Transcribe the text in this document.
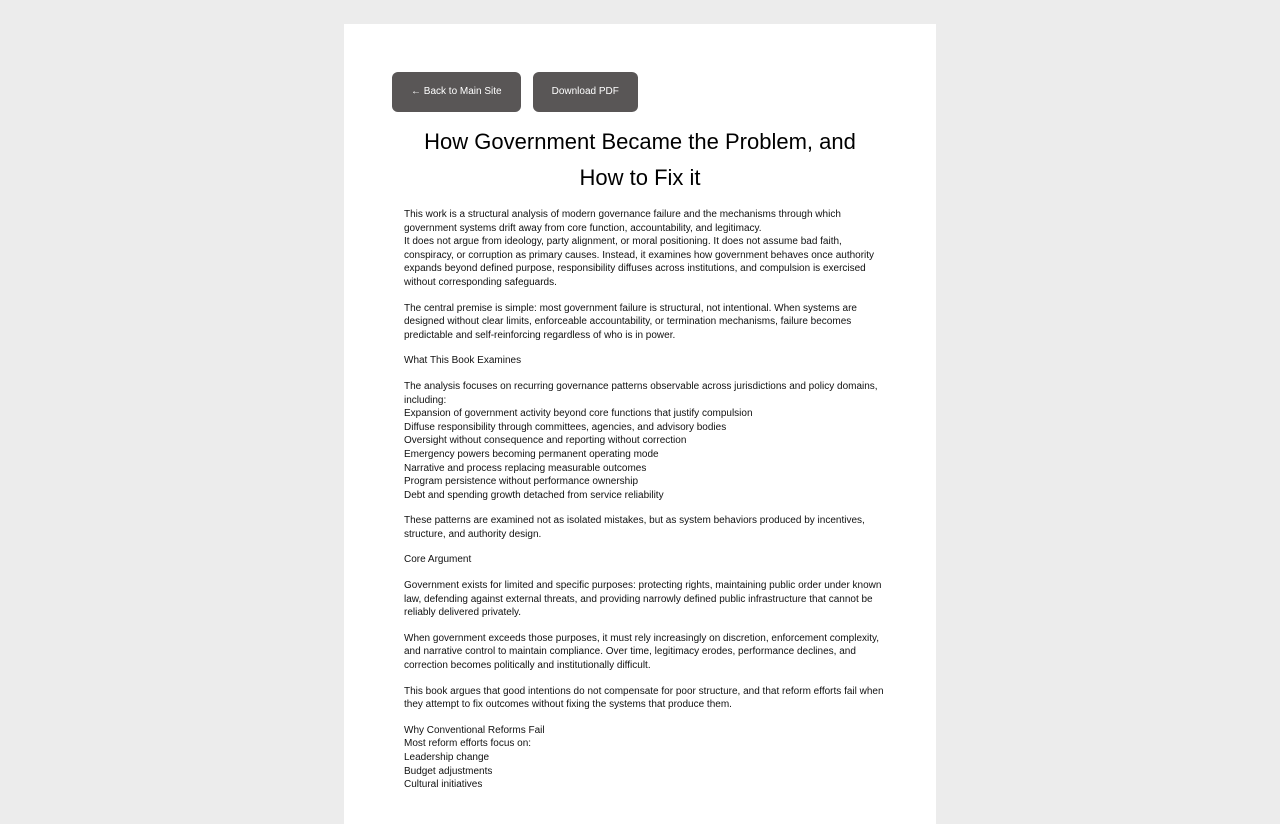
← Back to Main Site	Download PDF
How Government Became the Problem, and How to Fix it

This work is a structural analysis of modern governance failure and the mechanisms through which government systems drift away from core function, accountability, and legitimacy.
It does not argue from ideology, party alignment, or moral positioning. It does not assume bad faith, conspiracy, or corruption as primary causes. Instead, it examines how government behaves once authority expands beyond defined purpose, responsibility diffuses across institutions, and compulsion is exercised without corresponding safeguards.

The central premise is simple: most government failure is structural, not intentional. When systems are designed without clear limits, enforceable accountability, or termination mechanisms, failure becomes predictable and self-reinforcing regardless of who is in power.

What This Book Examines

The analysis focuses on recurring governance patterns observable across jurisdictions and policy domains, including:
Expansion of government activity beyond core functions that justify compulsion
Diffuse responsibility through committees, agencies, and advisory bodies
Oversight without consequence and reporting without correction
Emergency powers becoming permanent operating mode
Narrative and process replacing measurable outcomes
Program persistence without performance ownership
Debt and spending growth detached from service reliability

These patterns are examined not as isolated mistakes, but as system behaviors produced by incentives, structure, and authority design.

Core Argument

Government exists for limited and specific purposes: protecting rights, maintaining public order under known law, defending against external threats, and providing narrowly defined public infrastructure that cannot be reliably delivered privately.

When government exceeds those purposes, it must rely increasingly on discretion, enforcement complexity, and narrative control to maintain compliance. Over time, legitimacy erodes, performance declines, and correction becomes politically and institutionally difficult.

This book argues that good intentions do not compensate for poor structure, and that reform efforts fail when they attempt to fix outcomes without fixing the systems that produce them.

Why Conventional Reforms Fail
Most reform efforts focus on:
Leadership change
Budget adjustments
Cultural initiatives
